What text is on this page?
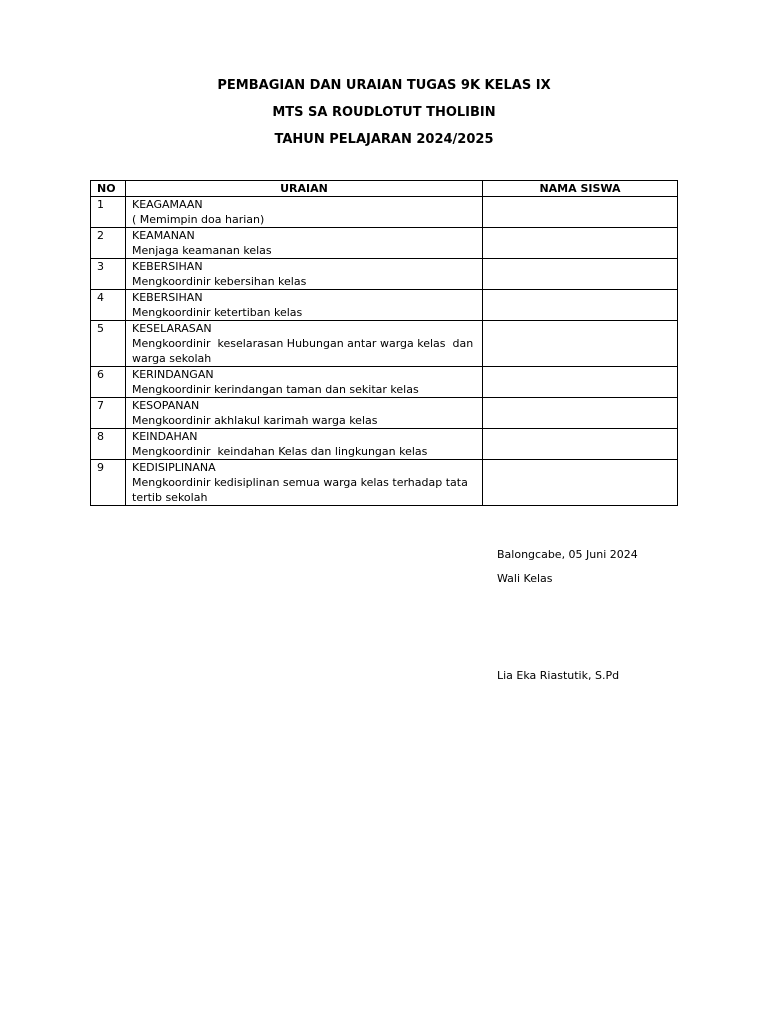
PEMBAGIAN DAN URAIAN TUGAS 9K KELAS IX
MTS SA ROUDLOTUT THOLIBIN
TAHUN PELAJARAN 2024/2025
NO	URAIAN	NAMA SISWA
1	KEAGAMAAN
( Memimpin doa harian)	

2	KEAMANAN
Menjaga keamanan kelas	

3	KEBERSIHAN
Mengkoordinir kebersihan kelas	

4	KEBERSIHAN
Mengkoordinir ketertiban kelas	

5	KESELARASAN
Mengkoordinir  keselarasan Hubungan antar warga kelas  dan warga sekolah	

6	KERINDANGAN
Mengkoordinir kerindangan taman dan sekitar kelas	

7	KESOPANAN
Mengkoordinir akhlakul karimah warga kelas	

8	KEINDAHAN
Mengkoordinir  keindahan Kelas dan lingkungan kelas	

9	KEDISIPLINANA
Mengkoordinir kedisiplinan semua warga kelas terhadap tata tertib sekolah	

Balongcabe, 05 Juni 2024
Wali Kelas
Lia Eka Riastutik, S.Pd
